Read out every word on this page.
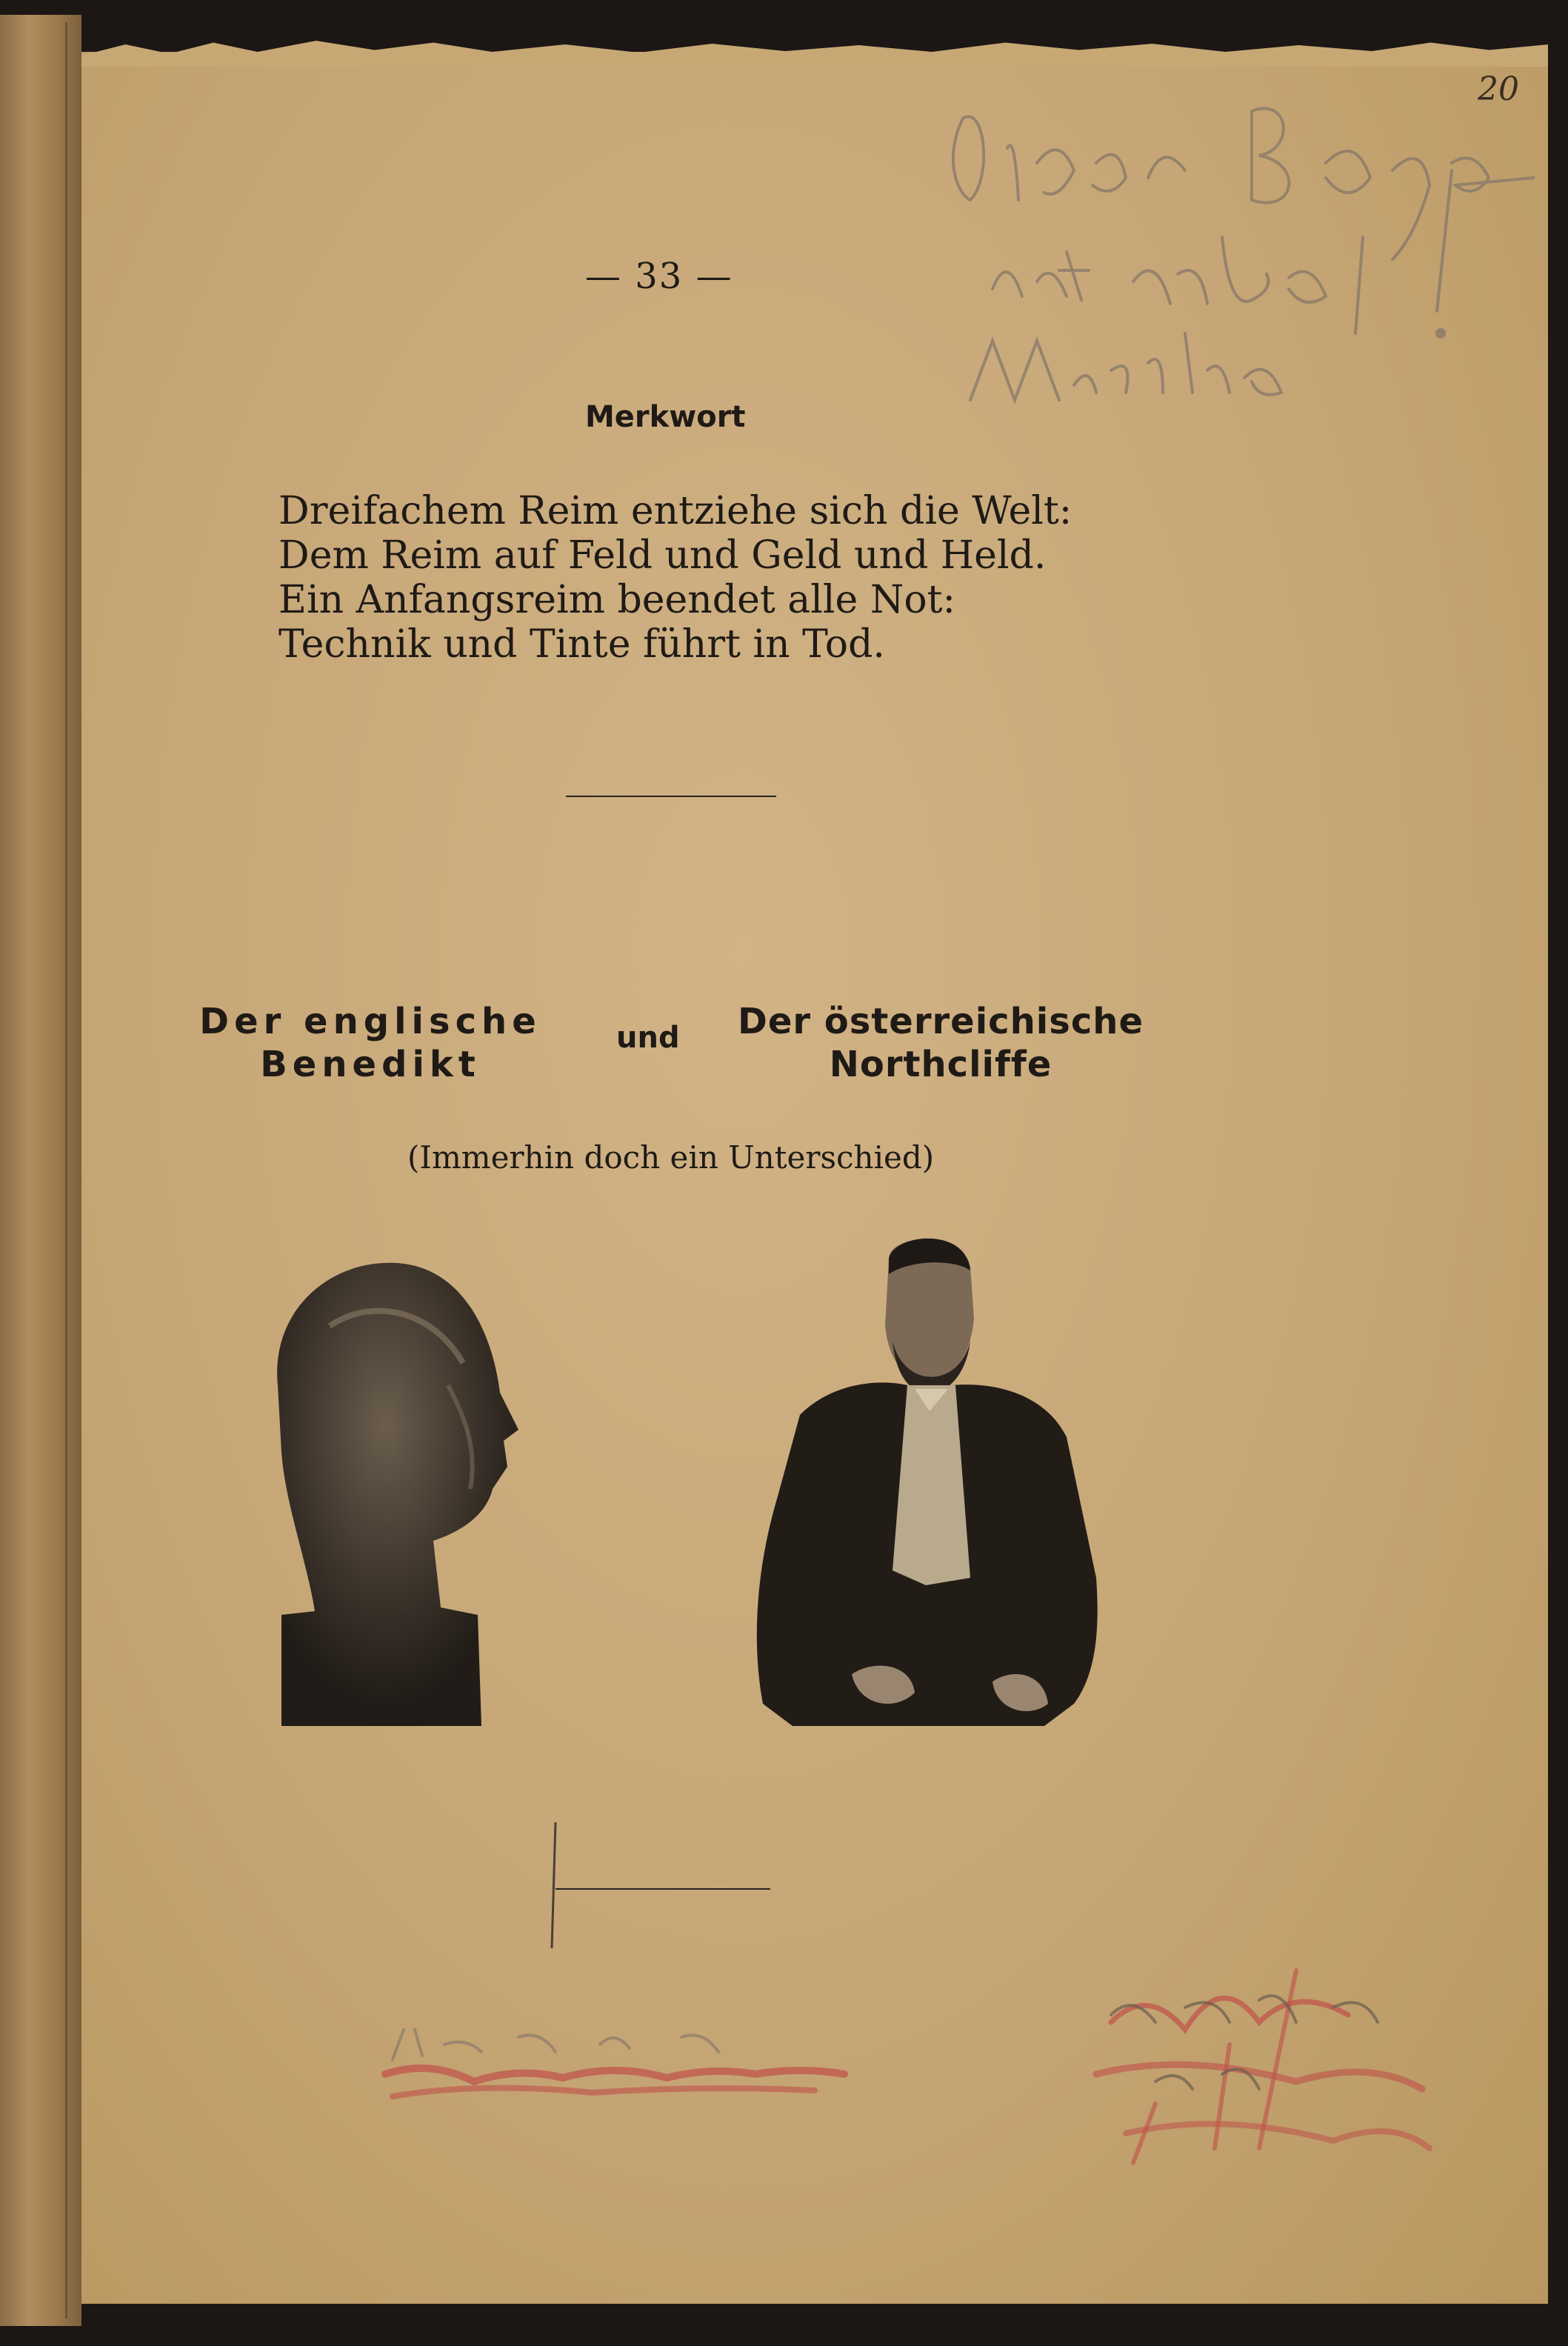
20
— 33 —
Merkwort
Dreifachem Reim entziehe sich die Welt:
Dem Reim auf Feld und Geld und Held.
Ein Anfangsreim beendet alle Not:
Technik und Tinte führt in Tod.
Der englische
Benedikt
und	Der österreichische
Northcliffe
(Immerhin doch ein Unterschied)
